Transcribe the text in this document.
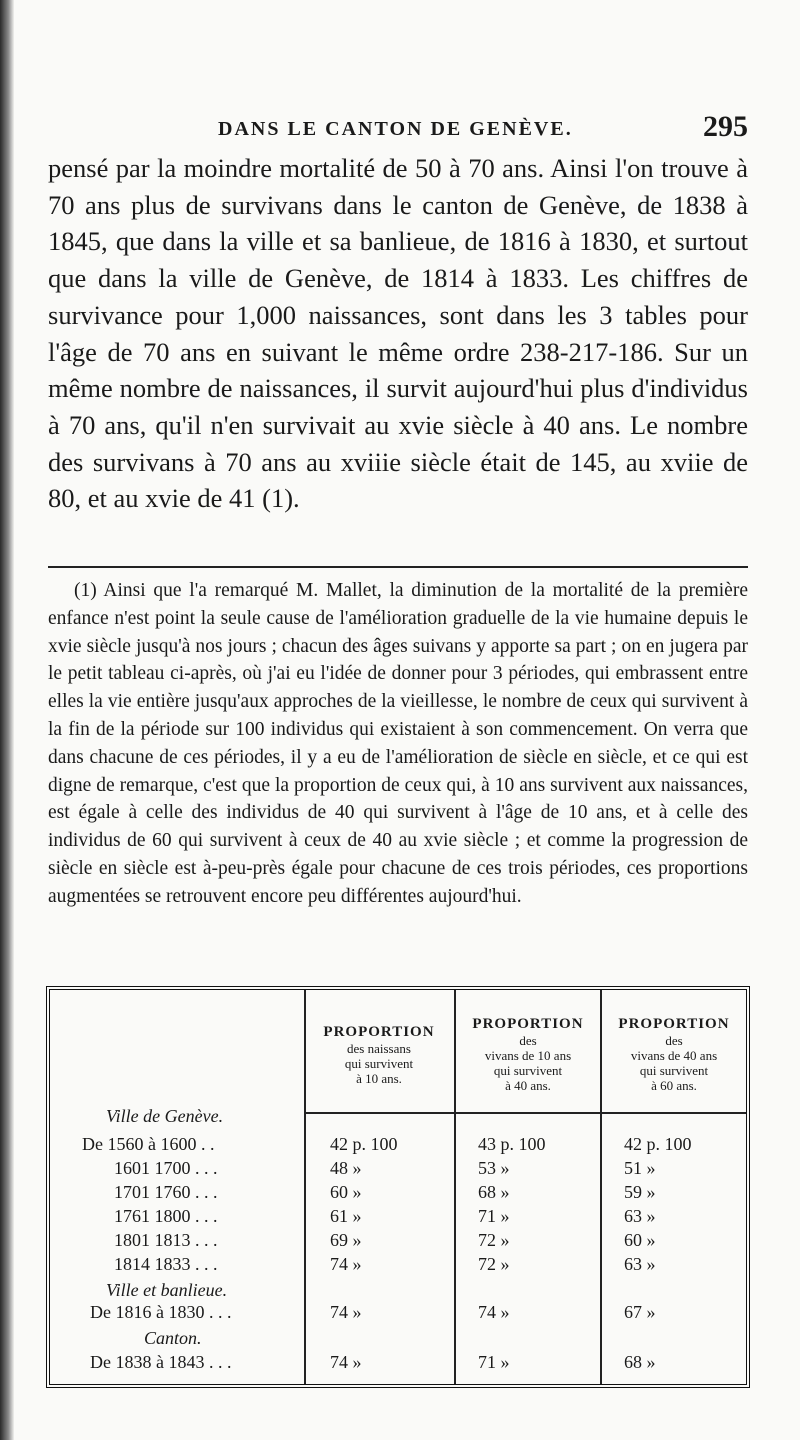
DANS LE CANTON DE GENÈVE.	295

pensé par la moindre mortalité de 50 à 70 ans. Ainsi l'on trouve à 70 ans plus de survivans dans le canton de Genève, de 1838 à 1845, que dans la ville et sa banlieue, de 1816 à 1830, et surtout que dans la ville de Genève, de 1814 à 1833. Les chiffres de survivance pour 1,000 naissances, sont dans les 3 tables pour l'âge de 70 ans en suivant le même ordre 238-217-186. Sur un même nombre de naissances, il survit aujourd'hui plus d'individus à 70 ans, qu'il n'en survivait au xvie siècle à 40 ans. Le nombre des survivans à 70 ans au xviiie siècle était de 145, au xviie de 80, et au xvie de 41 (1).

(1) Ainsi que l'a remarqué M. Mallet, la diminution de la mortalité de la première enfance n'est point la seule cause de l'amélioration graduelle de la vie humaine depuis le xvie siècle jusqu'à nos jours ; chacun des âges suivans y apporte sa part ; on en jugera par le petit tableau ci-après, où j'ai eu l'idée de donner pour 3 périodes, qui embrassent entre elles la vie entière jusqu'aux approches de la vieillesse, le nombre de ceux qui survivent à la fin de la période sur 100 individus qui existaient à son commencement. On verra que dans chacune de ces périodes, il y a eu de l'amélioration de siècle en siècle, et ce qui est digne de remarque, c'est que la proportion de ceux qui, à 10 ans survivent aux naissances, est égale à celle des individus de 40 qui survivent à l'âge de 10 ans, et à celle des individus de 60 qui survivent à ceux de 40 au xvie siècle ; et comme la progression de siècle en siècle est à-peu-près égale pour chacune de ces trois périodes, ces proportions augmentées se retrouvent encore peu différentes aujourd'hui.

PROPORTION
des naissans
qui survivent
à 10 ans.
PROPORTION
des
vivans de 10 ans
qui survivent
à 40 ans.
PROPORTION
des
vivans de 40 ans
qui survivent
à 60 ans.
Ville de Genève.
De 1560 à 1600 . .	42 p. 100	43 p. 100	42 p. 100
1601 1700 . . .	48 »	53 »	51 »
1701 1760 . . .	60 »	68 »	59 »
1761 1800 . . .	61 »	71 »	63 »
1801 1813 . . .	69 »	72 »	60 »
1814 1833 . . .	74 »	72 »	63 »
Ville et banlieue.
De 1816 à 1830 . . .	74 »	74 »	67 »
Canton.
De 1838 à 1843 . . .	74 »	71 »	68 »
